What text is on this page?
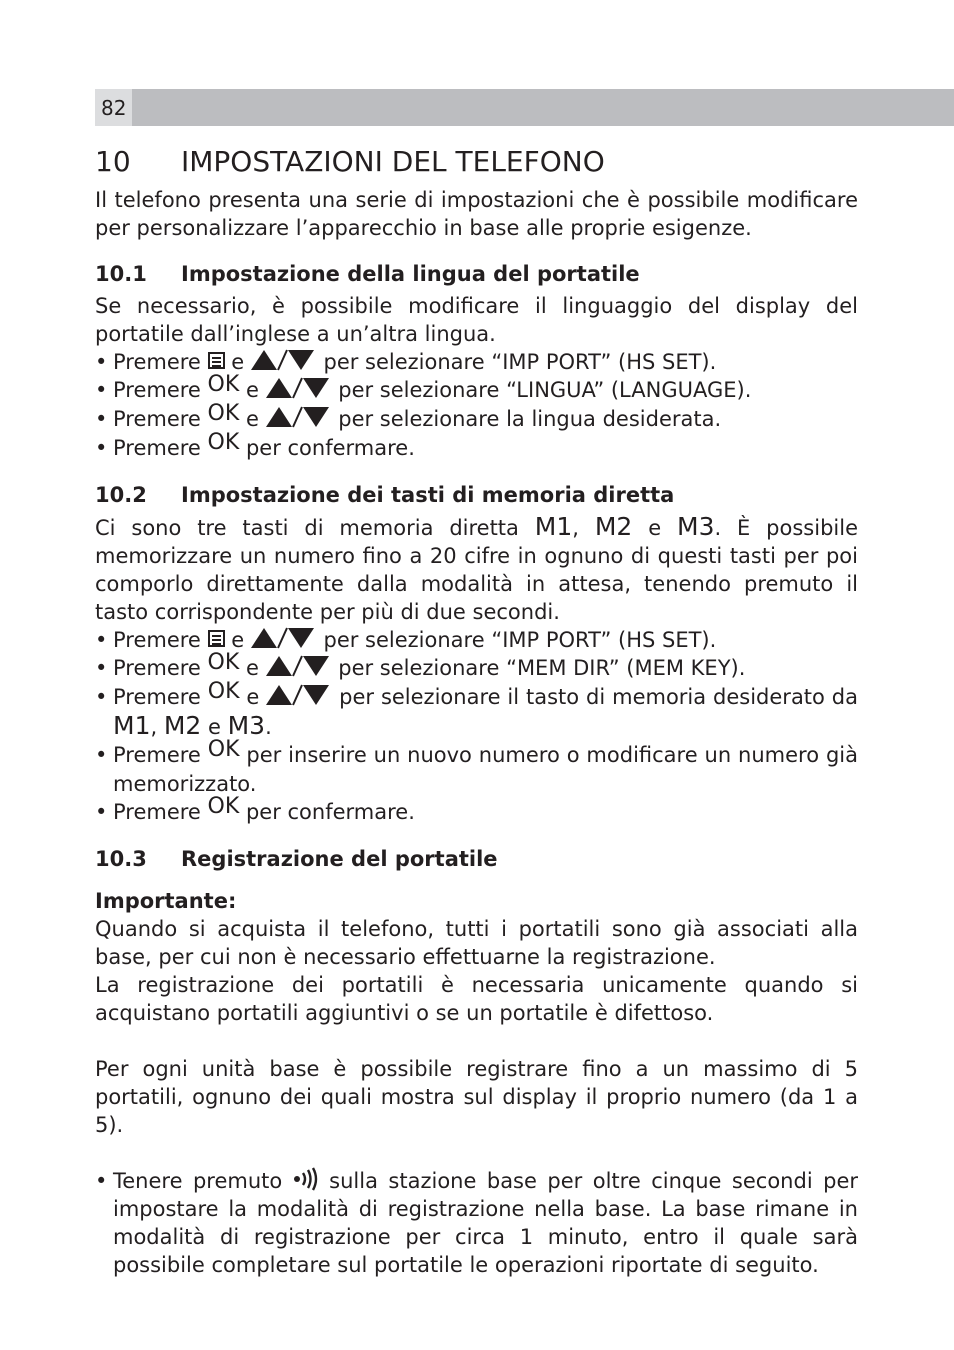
82
10	IMPOSTAZIONI DEL TELEFONO

Il telefono presenta una serie di impostazioni che è possibile modificare per personalizzare l’apparecchio in base alle proprie esigenze.

10.1	Impostazione della lingua del portatile

Se necessario, è possibile modificare il linguaggio del display del portatile dall’inglese a un’altra lingua.

• Premere  e	per selezionare “IMP PORT” (HS SET).
• Premere OK e	per selezionare “LINGUA” (LANGUAGE).
• Premere OK e	per selezionare la lingua desiderata.
• Premere OK per confermare.
10.2	Impostazione dei tasti di memoria diretta

Ci sono tre tasti di memoria diretta M1, M2 e M3. È possibile memorizzare un numero fino a 20 cifre in ognuno di questi tasti per poi comporlo direttamente dalla modalità in attesa, tenendo premuto il tasto corrispondente per più di due secondi.

• Premere  e	per selezionare “IMP PORT” (HS SET).
• Premere OK e	per selezionare “MEM DIR” (MEM KEY).
• Premere OK e	per selezionare il tasto di memoria desiderato da M1, M2 e M3.
• Premere OK per inserire un nuovo numero o modificare un numero già memorizzato.
• Premere OK per confermare.
10.3	Registrazione del portatile

Importante:

Quando si acquista il telefono, tutti i portatili sono già associati alla base, per cui non è necessario effettuarne la registrazione.

La registrazione dei portatili è necessaria unicamente quando si acquistano portatili aggiuntivi o se un portatile è difettoso.

Per ogni unità base è possibile registrare fino a un massimo di 5 portatili, ognuno dei quali mostra sul display il proprio numero (da 1 a 5).

• Tenere premuto  sulla stazione base per oltre cinque secondi per impostare la modalità di registrazione nella base. La base rimane in modalità di registrazione per circa 1 minuto, entro il quale sarà possibile completare sul portatile le operazioni riportate di seguito.
